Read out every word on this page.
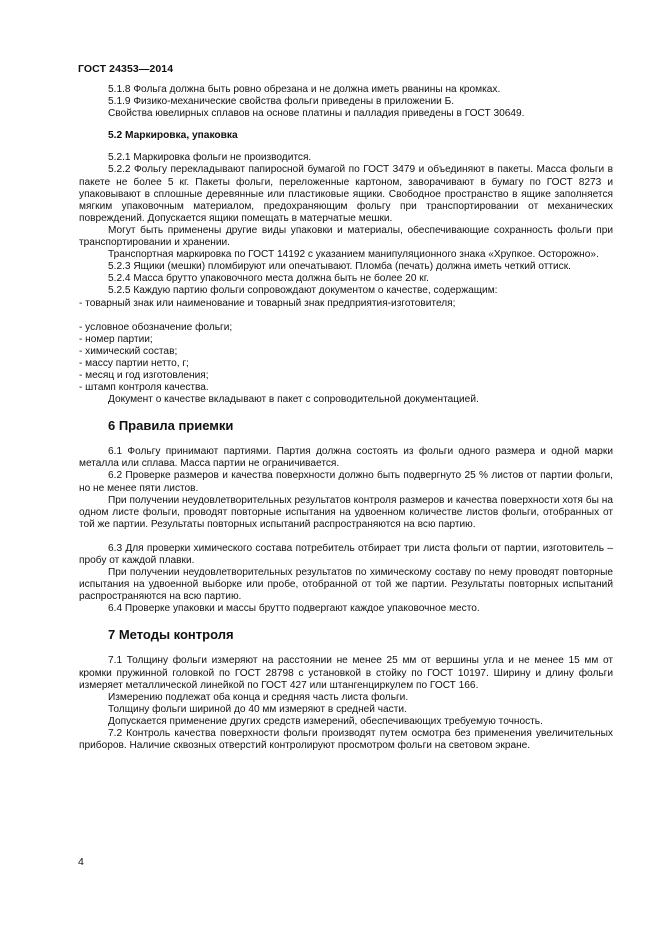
ГОСТ 24353—2014

5.1.8 Фольга должна быть ровно обрезана и не должна иметь рванины на кромках.

5.1.9 Физико-механические свойства фольги приведены в приложении Б.

Свойства ювелирных сплавов на основе платины и палладия приведены в ГОСТ 30649.

5.2 Маркировка, упаковка

5.2.1 Маркировка фольги не производится.

5.2.2 Фольгу перекладывают папиросной бумагой по ГОСТ 3479 и объединяют в пакеты. Масса фольги в пакете не более 5 кг. Пакеты фольги, переложенные картоном, заворачивают в бумагу по ГОСТ 8273 и упаковывают в сплошные деревянные или пластиковые ящики. Свободное пространство в ящике заполняется мягким упаковочным материалом, предохраняющим фольгу при транспортировании от механических повреждений. Допускается ящики помещать в матерчатые мешки.

Могут быть применены другие виды упаковки и материалы, обеспечивающие сохранность фольги при транспортировании и хранении.

Транспортная маркировка по ГОСТ 14192 с указанием манипуляционного знака «Хрупкое. Осторожно».

5.2.3 Ящики (мешки) пломбируют или опечатывают. Пломба (печать) должна иметь четкий оттиск.

5.2.4 Масса брутто упаковочного места должна быть не более 20 кг.

5.2.5 Каждую партию фольги сопровождают документом о качестве, содержащим:

- товарный знак или наименование и товарный знак предприятия-изготовителя;

- условное обозначение фольги;

- номер партии;

- химический состав;

- массу партии нетто, г;

- месяц и год изготовления;

- штамп контроля качества.

Документ о качестве вкладывают в пакет с сопроводительной документацией.

6 Правила приемки

6.1 Фольгу принимают партиями. Партия должна состоять из фольги одного размера и одной марки металла или сплава. Масса партии не ограничивается.

6.2 Проверке размеров и качества поверхности должно быть подвергнуто 25 % листов от партии фольги, но не менее пяти листов.

При получении неудовлетворительных результатов контроля размеров и качества поверхности хотя бы на одном листе фольги, проводят повторные испытания на удвоенном количестве листов фольги, отобранных от той же партии. Результаты повторных испытаний распространяются на всю партию.

6.3 Для проверки химического состава потребитель отбирает три листа фольги от партии, изготовитель – пробу от каждой плавки.

При получении неудовлетворительных результатов по химическому составу по нему проводят повторные испытания на удвоенной выборке или пробе, отобранной от той же партии. Результаты повторных испытаний распространяются на всю партию.

6.4 Проверке упаковки и массы брутто подвергают каждое упаковочное место.

7 Методы контроля

7.1 Толщину фольги измеряют на расстоянии не менее 25 мм от вершины угла и не менее 15 мм от кромки пружинной головкой по ГОСТ 28798 с установкой в стойку по ГОСТ 10197. Ширину и длину фольги измеряет металлической линейкой по ГОСТ 427 или штангенциркулем по ГОСТ 166.

Измерению подлежат оба конца и средняя часть листа фольги.

Толщину фольги шириной до 40 мм измеряют в средней части.

Допускается применение других средств измерений, обеспечивающих требуемую точность.

7.2 Контроль качества поверхности фольги производят путем осмотра без применения увеличительных приборов. Наличие сквозных отверстий контролируют просмотром фольги на световом экране.

4
